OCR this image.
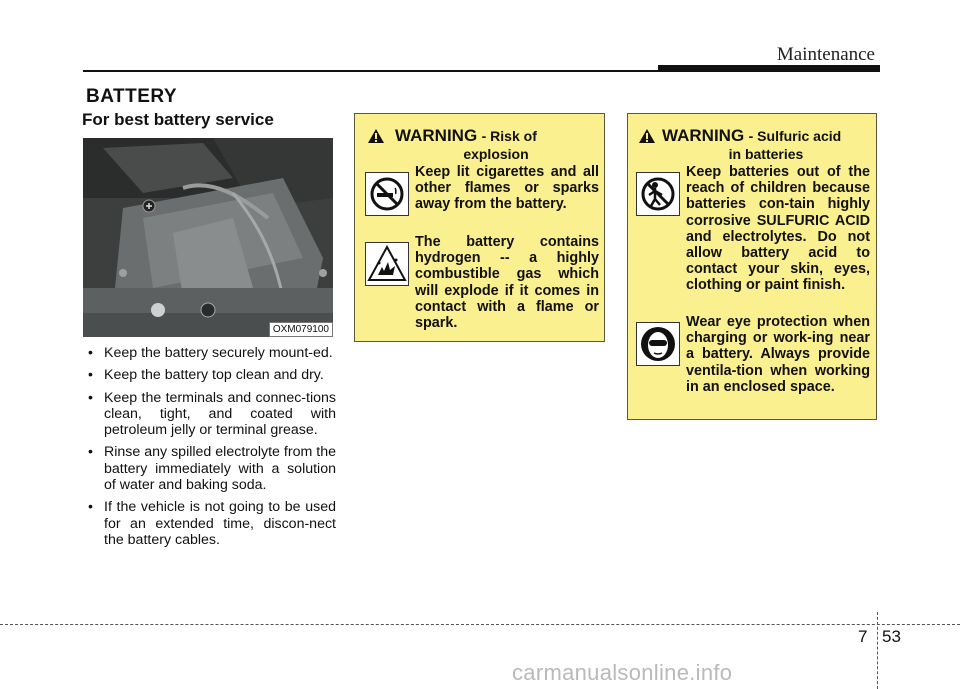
Maintenance
BATTERY
For best battery service
OXM079100
• Keep the battery securely mount-ed.
• Keep the battery top clean and dry.
• Keep the terminals and connec-tions clean, tight, and coated with petroleum jelly or terminal grease.
• Rinse any spilled electrolyte from the battery immediately with a solution of water and baking soda.
• If the vehicle is not going to be used for an extended time, discon-nect the battery cables.
WARNING - Risk of
explosion
Keep lit cigarettes and all other flames or sparks away from the battery.
The battery contains hydrogen -- a highly combustible gas which will explode if it comes in contact with a flame or spark.
WARNING - Sulfuric acid
in batteries
Keep batteries out of the reach of children because batteries con-tain highly corrosive SULFURIC ACID and electrolytes. Do not allow battery acid to contact your skin, eyes, clothing or paint finish.
Wear eye protection when charging or work-ing near a battery. Always provide ventila-tion when working in an enclosed space.
7 53
carmanualsonline.info
